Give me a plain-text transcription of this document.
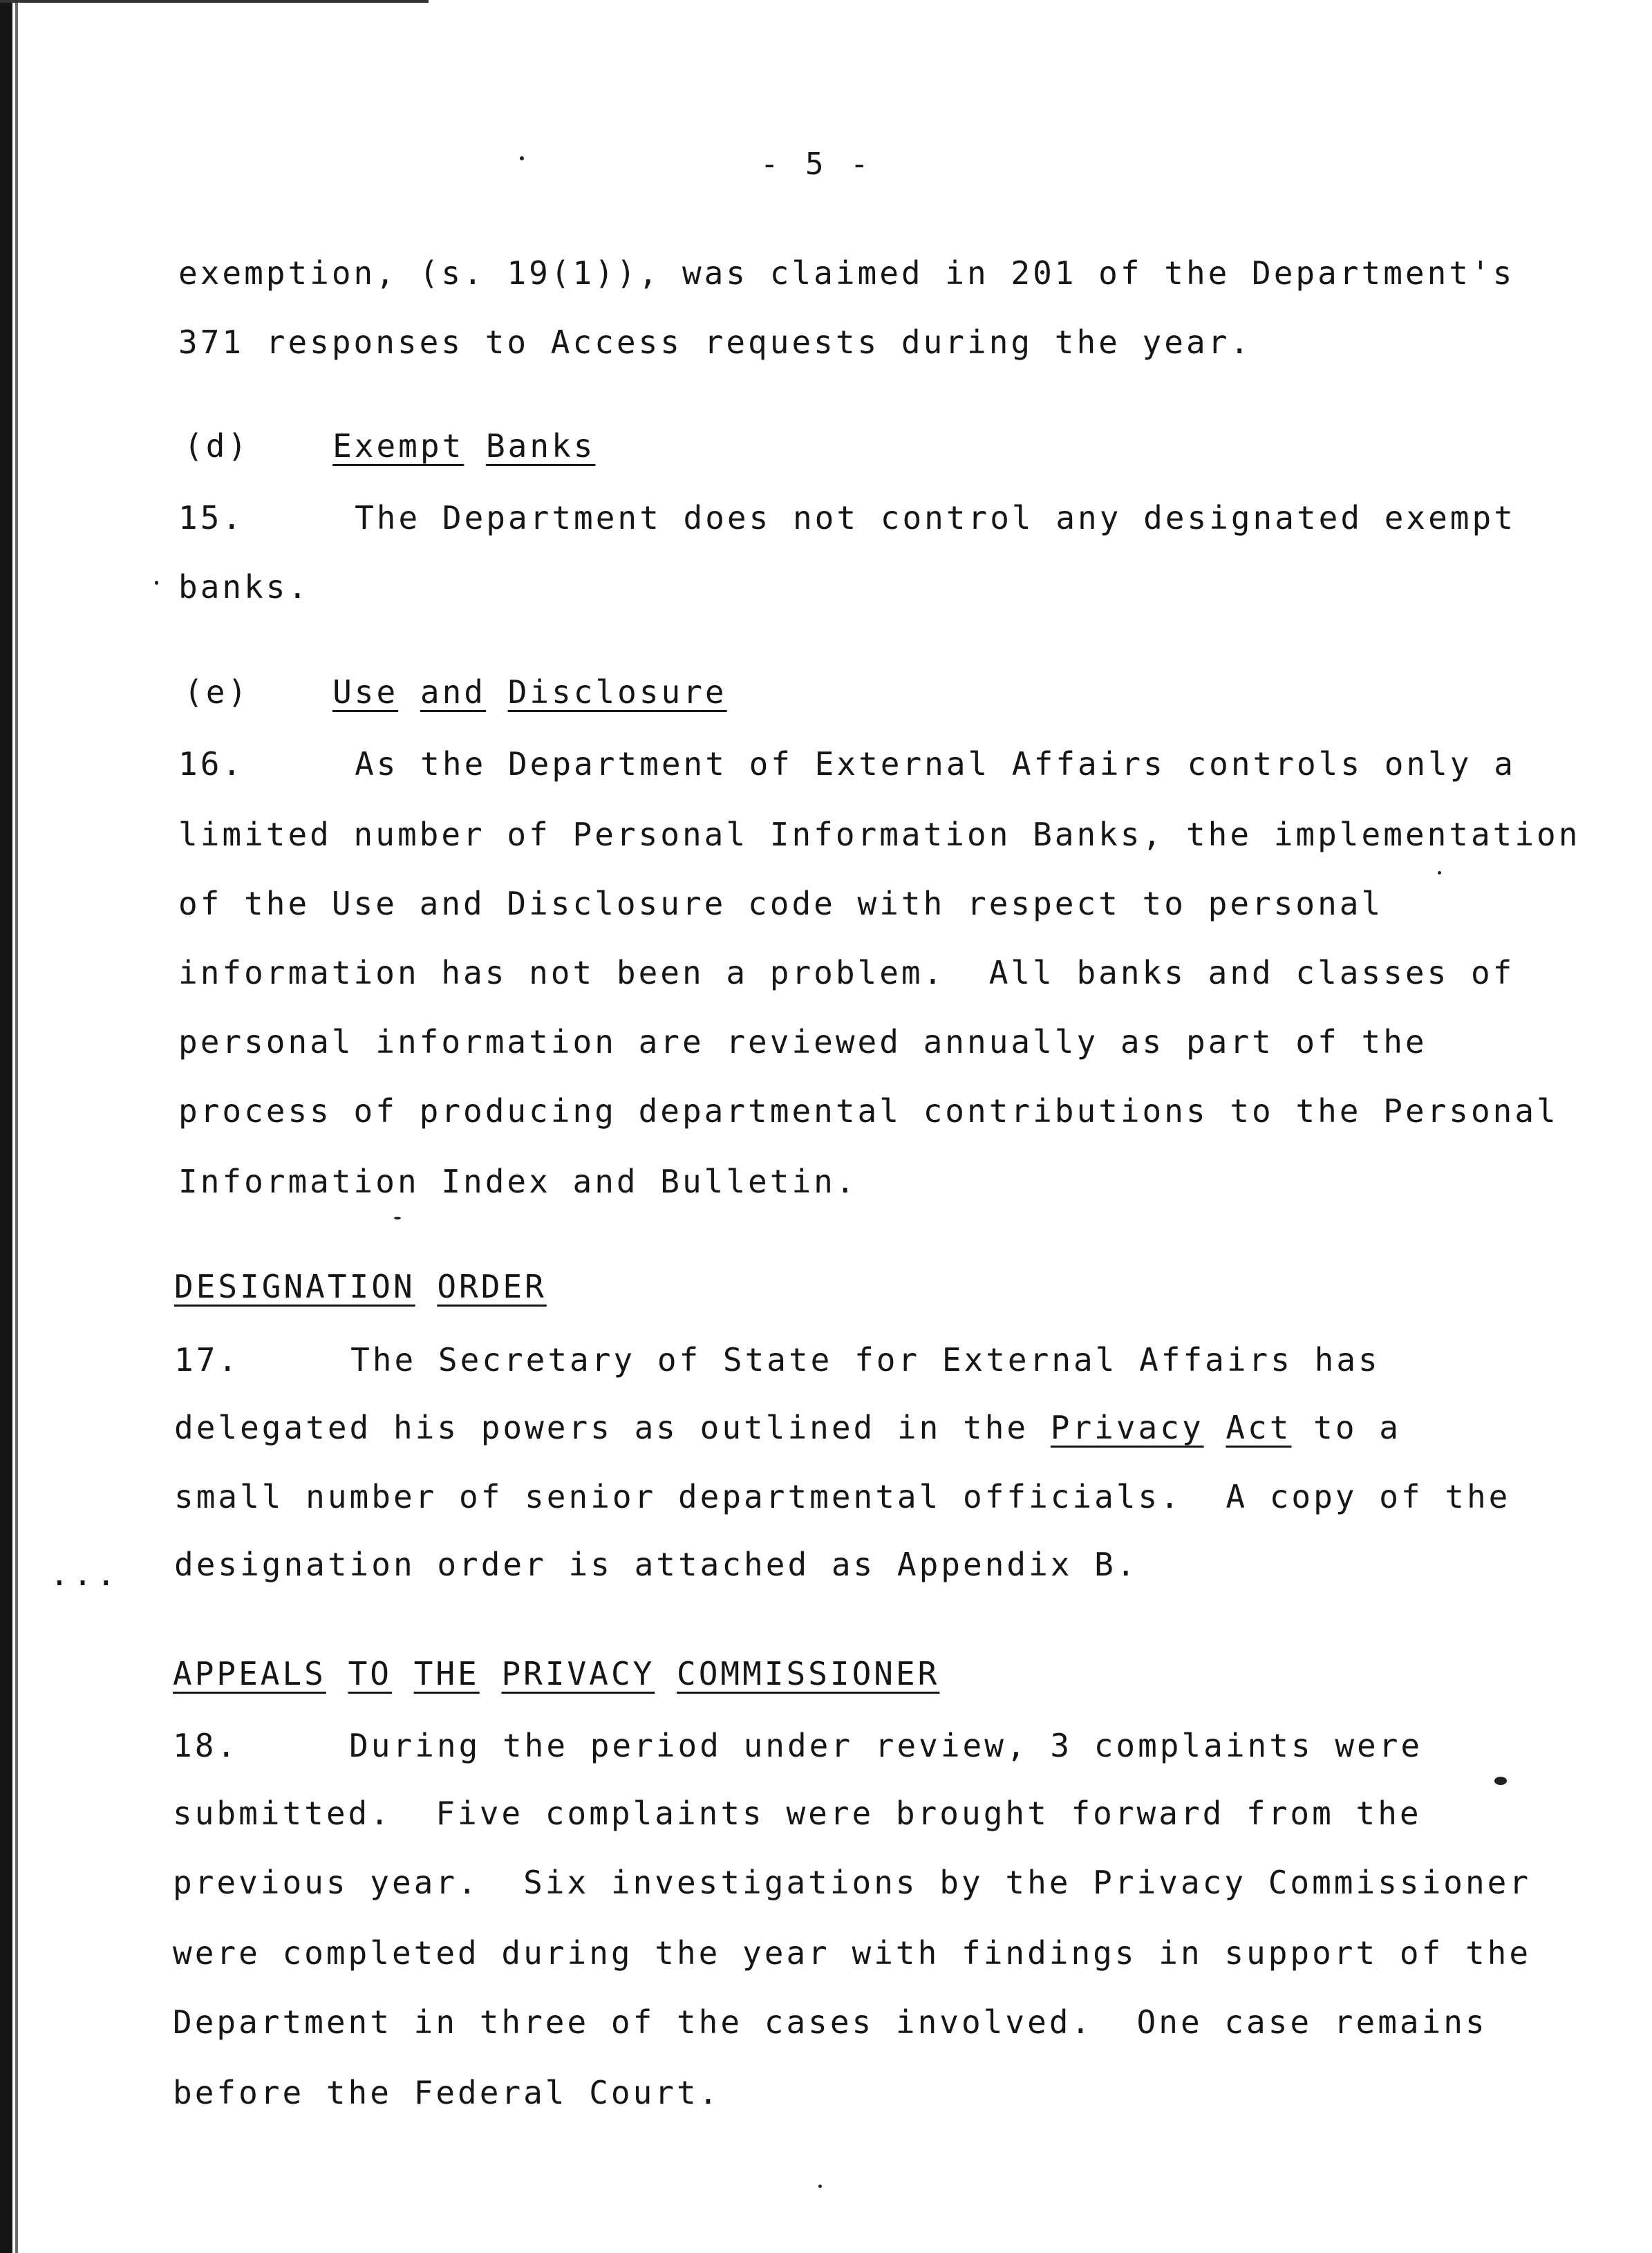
- 5 -
exemption, (s. 19(1)), was claimed in 201 of the Department's
371 responses to Access requests during the year.
(d)	Exempt Banks
15.	The Department does not control any designated exempt
banks.
(e)	Use and Disclosure
16.	As the Department of External Affairs controls only a
limited number of Personal Information Banks, the implementation
of the Use and Disclosure code with respect to personal
information has not been a problem.  All banks and classes of
personal information are reviewed annually as part of the
process of producing departmental contributions to the Personal
Information Index and Bulletin.
DESIGNATION ORDER
17.	The Secretary of State for External Affairs has
delegated his powers as outlined in the Privacy Act to a
small number of senior departmental officials.  A copy of the
designation order is attached as Appendix B.
...
APPEALS TO THE PRIVACY COMMISSIONER
18.	During the period under review, 3 complaints were
submitted.  Five complaints were brought forward from the
previous year.  Six investigations by the Privacy Commissioner
were completed during the year with findings in support of the
Department in three of the cases involved.  One case remains
before the Federal Court.
